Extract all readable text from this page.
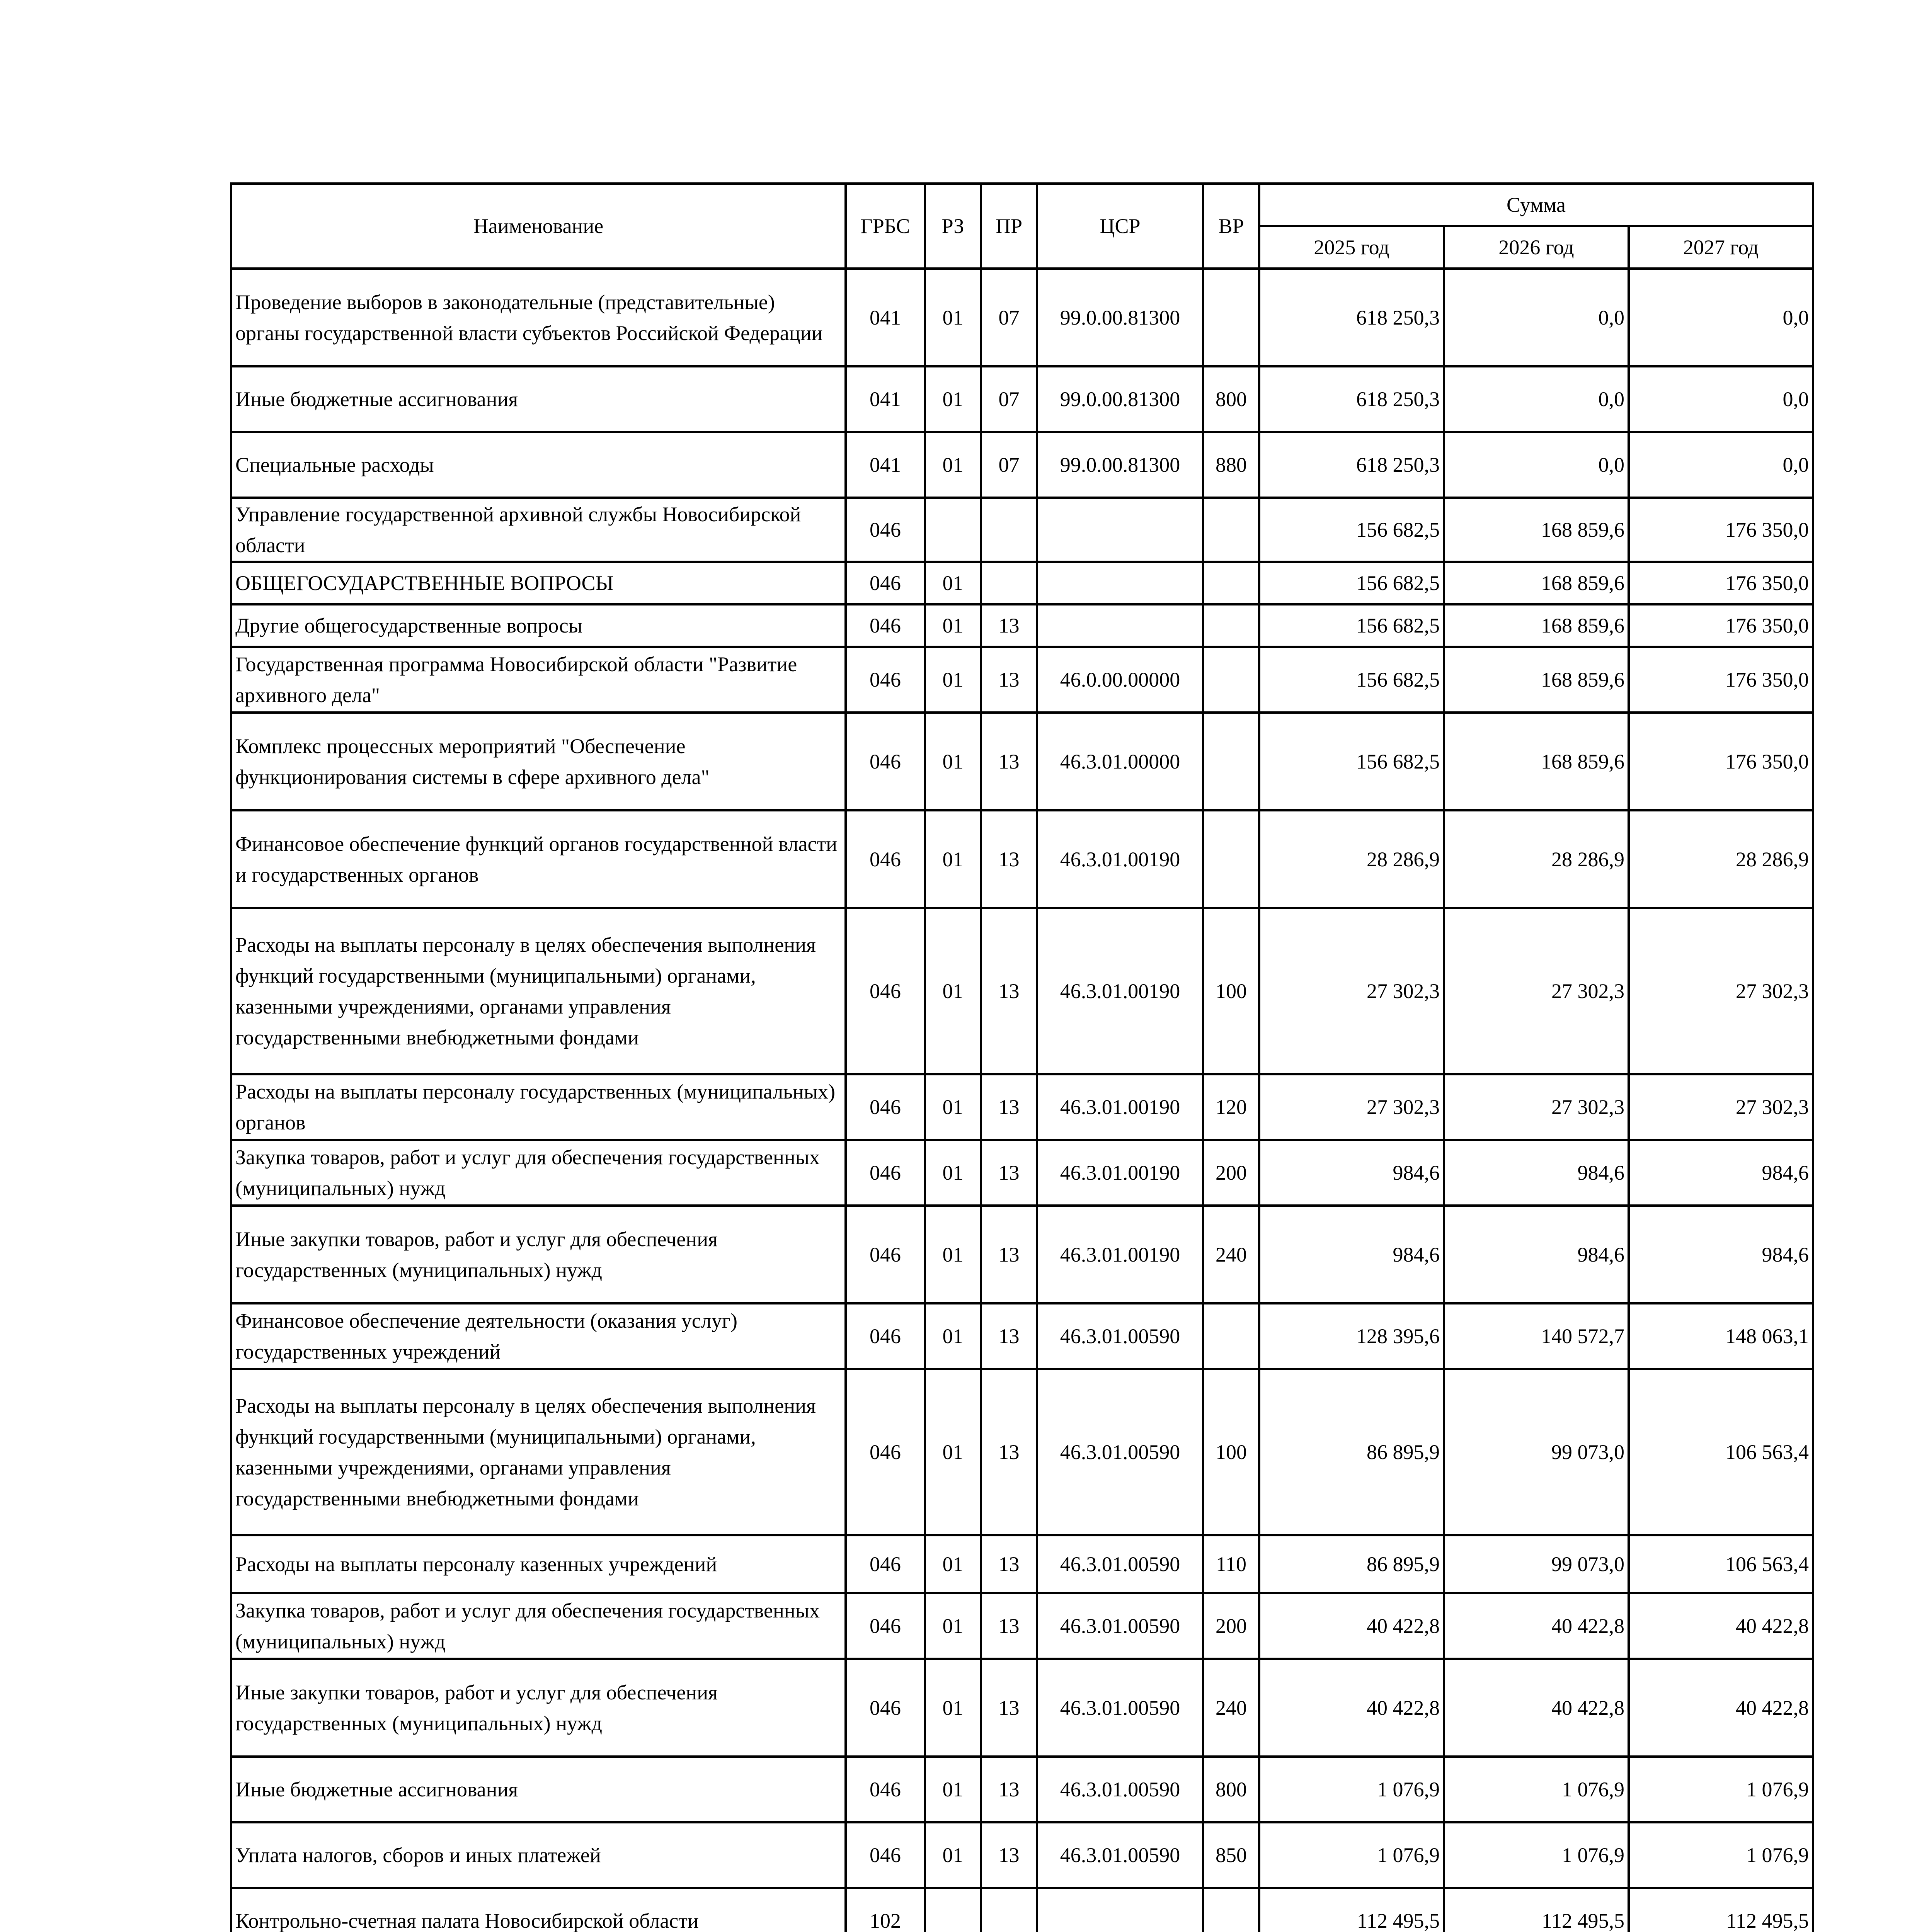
Наименование	ГРБС	РЗ	ПР	ЦСР	ВР	Сумма		
						2025 год	2026 год	2027 год
Проведение выборов в законодательные (представительные) органы государственной власти субъектов Российской Федерации	041	01	07	99.0.00.81300		618 250,3	0,0	0,0
Иные бюджетные ассигнования	041	01	07	99.0.00.81300	800	618 250,3	0,0	0,0
Специальные расходы	041	01	07	99.0.00.81300	880	618 250,3	0,0	0,0
Управление государственной архивной службы Новосибирской области	046					156 682,5	168 859,6	176 350,0
ОБЩЕГОСУДАРСТВЕННЫЕ ВОПРОСЫ	046	01				156 682,5	168 859,6	176 350,0
Другие общегосударственные вопросы	046	01	13			156 682,5	168 859,6	176 350,0
Государственная программа Новосибирской области "Развитие архивного дела"	046	01	13	46.0.00.00000		156 682,5	168 859,6	176 350,0
Комплекс процессных мероприятий "Обеспечение функционирования системы в сфере архивного дела"	046	01	13	46.3.01.00000		156 682,5	168 859,6	176 350,0
Финансовое обеспечение функций органов государственной власти и государственных органов	046	01	13	46.3.01.00190		28 286,9	28 286,9	28 286,9
Расходы на выплаты персоналу в целях обеспечения выполнения функций государственными (муниципальными) органами, казенными учреждениями, органами управления государственными внебюджетными фондами	046	01	13	46.3.01.00190	100	27 302,3	27 302,3	27 302,3
Расходы на выплаты персоналу государственных (муниципальных) органов	046	01	13	46.3.01.00190	120	27 302,3	27 302,3	27 302,3
Закупка товаров, работ и услуг для обеспечения государственных (муниципальных) нужд	046	01	13	46.3.01.00190	200	984,6	984,6	984,6
Иные закупки товаров, работ и услуг для обеспечения государственных (муниципальных) нужд	046	01	13	46.3.01.00190	240	984,6	984,6	984,6
Финансовое обеспечение деятельности (оказания услуг) государственных учреждений	046	01	13	46.3.01.00590		128 395,6	140 572,7	148 063,1
Расходы на выплаты персоналу в целях обеспечения выполнения функций государственными (муниципальными) органами, казенными учреждениями, органами управления государственными внебюджетными фондами	046	01	13	46.3.01.00590	100	86 895,9	99 073,0	106 563,4
Расходы на выплаты персоналу казенных учреждений	046	01	13	46.3.01.00590	110	86 895,9	99 073,0	106 563,4
Закупка товаров, работ и услуг для обеспечения государственных (муниципальных) нужд	046	01	13	46.3.01.00590	200	40 422,8	40 422,8	40 422,8
Иные закупки товаров, работ и услуг для обеспечения государственных (муниципальных) нужд	046	01	13	46.3.01.00590	240	40 422,8	40 422,8	40 422,8
Иные бюджетные ассигнования	046	01	13	46.3.01.00590	800	1 076,9	1 076,9	1 076,9
Уплата налогов, сборов и иных платежей	046	01	13	46.3.01.00590	850	1 076,9	1 076,9	1 076,9
Контрольно-счетная палата Новосибирской области	102					112 495,5	112 495,5	112 495,5
